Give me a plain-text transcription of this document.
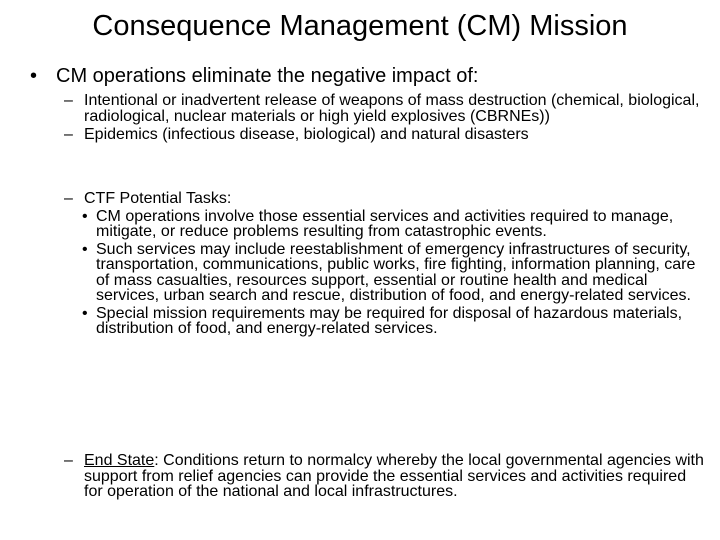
Consequence Management (CM) Mission
• CM operations eliminate the negative impact of:
– Intentional or inadvertent release of weapons of mass destruction (chemical, biological, radiological, nuclear materials or high yield explosives (CBRNEs))
– Epidemics (infectious disease, biological) and natural disasters
– CTF Potential Tasks:
• CM operations involve those essential services and activities required to manage, mitigate, or reduce problems resulting from catastrophic events.
• Such services may include reestablishment of emergency infrastructures of security, transportation, communications, public works, fire fighting, information planning, care of mass casualties, resources support, essential or routine health and medical services, urban search and rescue, distribution of food, and energy-related services.
• Special mission requirements may be required for disposal of hazardous materials, distribution of food, and energy-related services.
– End State: Conditions return to normalcy whereby the local governmental agencies with support from relief agencies can provide the essential services and activities required for operation of the national and local infrastructures.
